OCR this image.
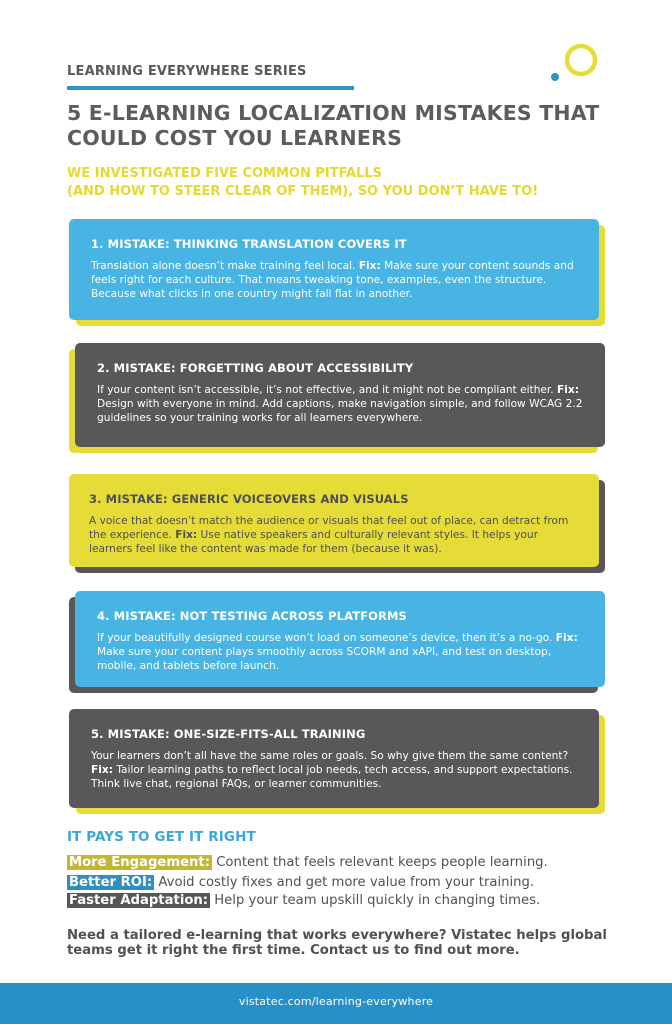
LEARNING EVERYWHERE SERIES
5 E-LEARNING LOCALIZATION MISTAKES THAT COULD COST YOU LEARNERS
WE INVESTIGATED FIVE COMMON PITFALLS
(AND HOW TO STEER CLEAR OF THEM), SO YOU DON’T HAVE TO!
1. MISTAKE: THINKING TRANSLATION COVERS IT

Translation alone doesn’t make training feel local. Fix: Make sure your content sounds and feels right for each culture. That means tweaking tone, examples, even the structure. Because what clicks in one country might fall flat in another.

2. MISTAKE: FORGETTING ABOUT ACCESSIBILITY

If your content isn’t accessible, it’s not effective, and it might not be compliant either. Fix: Design with everyone in mind. Add captions, make navigation simple, and follow WCAG 2.2 guidelines so your training works for all learners everywhere.

3. MISTAKE: GENERIC VOICEOVERS AND VISUALS

A voice that doesn’t match the audience or visuals that feel out of place, can detract from the experience. Fix: Use native speakers and culturally relevant styles. It helps your learners feel like the content was made for them (because it was).

4. MISTAKE: NOT TESTING ACROSS PLATFORMS

If your beautifully designed course won’t load on someone’s device, then it’s a no-go. Fix: Make sure your content plays smoothly across SCORM and xAPI, and test on desktop, mobile, and tablets before launch.

5. MISTAKE: ONE-SIZE-FITS-ALL TRAINING

Your learners don’t all have the same roles or goals. So why give them the same content? Fix: Tailor learning paths to reflect local job needs, tech access, and support expectations. Think live chat, regional FAQs, or learner communities.

IT PAYS TO GET IT RIGHT
More Engagement: Content that feels relevant keeps people learning.
Better ROI: Avoid costly fixes and get more value from your training.
Faster Adaptation: Help your team upskill quickly in changing times.

Need a tailored e-learning that works everywhere? Vistatec helps global teams get it right the first time. Contact us to find out more.

vistatec.com/learning-everywhere
